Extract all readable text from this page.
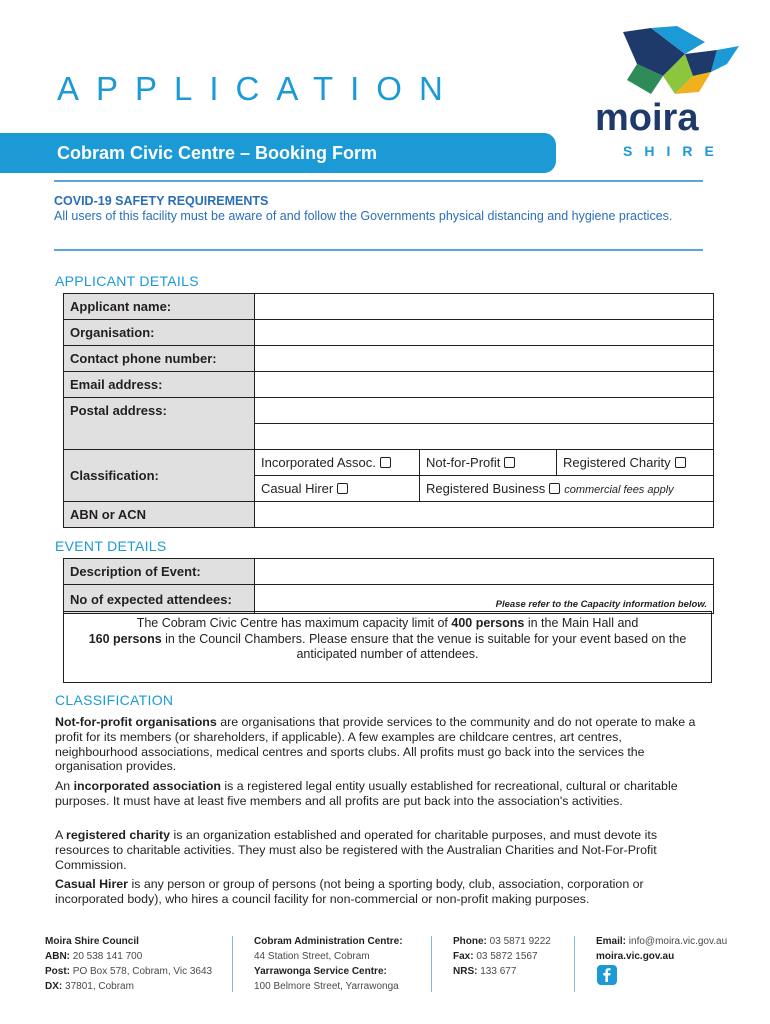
APPLICATION
Cobram Civic Centre – Booking Form
moira
SHIRE
COVID-19 SAFETY REQUIREMENTS
All users of this facility must be aware of and follow the Governments physical distancing and hygiene practices.
APPLICANT DETAILS
Applicant name:			
Organisation:			
Contact phone number:			
Email address:			
Postal address:			

Classification:	Incorporated Assoc.	Not-for-Profit	Registered Charity
	Casual Hirer	Registered Business commercial fees apply	
ABN or ACN			
EVENT DETAILS
Description of Event:	
No of expected attendees:	Please refer to the Capacity information below.
The Cobram Civic Centre has maximum capacity limit of 400 persons in the Main Hall and
160 persons in the Council Chambers. Please ensure that the venue is suitable for your event based on the anticipated number of attendees.
CLASSIFICATION
Not-for-profit organisations are organisations that provide services to the community and do not operate to make a profit for its members (or shareholders, if applicable). A few examples are childcare centres, art centres, neighbourhood associations, medical centres and sports clubs. All profits must go back into the services the organisation provides.
An incorporated association is a registered legal entity usually established for recreational, cultural or charitable purposes. It must have at least five members and all profits are put back into the association's activities.
A registered charity is an organization established and operated for charitable purposes, and must devote its resources to charitable activities. They must also be registered with the Australian Charities and Not-For-Profit Commission.
Casual Hirer is any person or group of persons (not being a sporting body, club, association, corporation or incorporated body), who hires a council facility for non-commercial or non-profit making purposes.
Moira Shire Council
ABN: 20 538 141 700
Post: PO Box 578, Cobram, Vic 3643
DX: 37801, Cobram
Cobram Administration Centre:
44 Station Street, Cobram
Yarrawonga Service Centre:
100 Belmore Street, Yarrawonga
Phone: 03 5871 9222
Fax: 03 5872 1567
NRS: 133 677
Email: info@moira.vic.gov.au
moira.vic.gov.au
